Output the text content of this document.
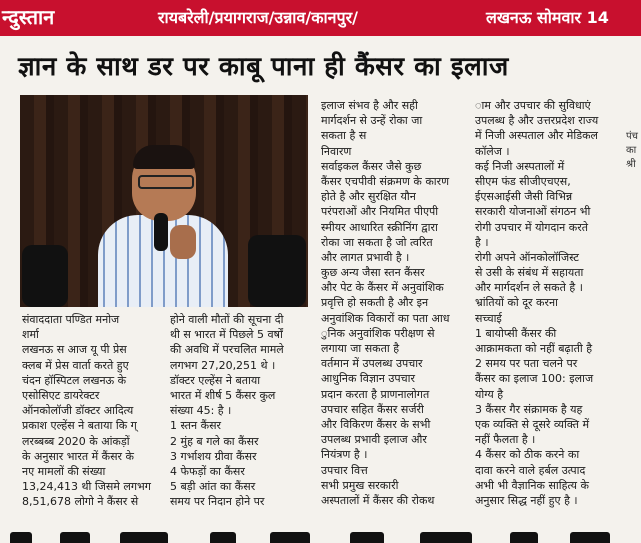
न्दुस्तान	रायबरेली/प्रयागराज/उन्नाव/कानपुर/	लखनऊ सोमवार 14
ज्ञान के साथ डर पर काबू पाना ही कैंसर का इलाज
संवाददाता पण्डित मनोज
शर्मा
लखनऊ स आज यू पी प्रेस
क्लब में प्रेस वार्ता करते हुए
चंदन हॉस्पिटल लखनऊ के
एसोसिएट डायरेक्टर
ऑनकोलॉजी डॉक्टर आदित्य
प्रकाश एल्हेंस ने बताया कि ग्
लरब्बब्ब 2020 के आंकड़ों
के अनुसार भारत में कैंसर के
नए मामलों की संख्या
13,24,413 थी जिसमे लगभग
8,51,678 लोगो ने कैंसर से
होने वाली मौतों की सूचना दी
थी स भारत में पिछले 5 वर्षों
की अवधि में परचलित मामले
लगभग 27,20,251 थे ।
डॉक्टर एल्हेंस ने बताया
भारत में शीर्ष 5 कैंसर कुल
संख्या 45: है ।
1 स्तन कैंसर
2 मुंह ब गले का कैंसर
3 गर्भाशय ग्रीवा कैंसर
4 फेफड़ों का कैंसर
5 बड़ी आंत का कैंसर
समय पर निदान होने पर
इलाज संभव है और सही
मार्गदर्शन से उन्हें रोका जा
सकता है स
निवारण
सर्वाइकल कैंसर जैसे कुछ
कैंसर एचपीवी संक्रमण के कारण
होते है और सुरक्षित यौन
परंपराओं और नियमित पीएपी
स्मीयर आधारित स्क्रीनिंग द्वारा
रोका जा सकता है जो त्वरित
और लागत प्रभावी है ।
कुछ अन्य जैसा स्तन कैंसर
और पेट के कैंसर में अनुवांशिक
प्रवृत्ति हो सकती है और इन
अनुवांशिक विकारों का पता आध
ुनिक अनुवांशिक परीक्षण से
लगाया जा सकता है
वर्तमान में उपलब्ध उपचार
आधुनिक विज्ञान उपचार
प्रदान करता है प्राणनालोगत
उपचार सहित कैंसर सर्जरी
और विकिरण कैंसर के सभी
उपलब्ध प्रभावी इलाज और
नियंत्रण है ।
उपचार वित्त
सभी प्रमुख सरकारी
अस्पतालों में कैंसर की रोकथ
ाम और उपचार की सुविधाएं
उपलब्ध है और उत्तरप्रदेश राज्य
में निजी अस्पताल और मेडिकल
कॉलेज ।
कई निजी अस्पतालों में
सीएम फंड सीजीएचएस,
ईएसआईसी जैसी विभिन्न
सरकारी योजनाओं संगठन भी
रोगी उपचार में योगदान करते
है ।
रोगी अपने ऑनकोलॉजिस्ट
से उसी के संबंध में सहायता
और मार्गदर्शन ले सकते है ।
भ्रांतियों को दूर करना
सच्चाई
1 बायोप्सी कैंसर की
आक्रामकता को नहीं बढ़ाती है
2 समय पर पता चलने पर
कैंसर का इलाज 100: इलाज
योग्य है
3 कैंसर गैर संक्रामक है यह
एक व्यक्ति से दूसरे व्यक्ति में
नहीं फैलता है ।
4 कैंसर को ठीक करने का
दावा करने वाले हर्बल उत्पाद
अभी भी वैज्ञानिक साहित्य के
अनुसार सिद्ध नहीं हुए है ।
पंच
का
श्री
